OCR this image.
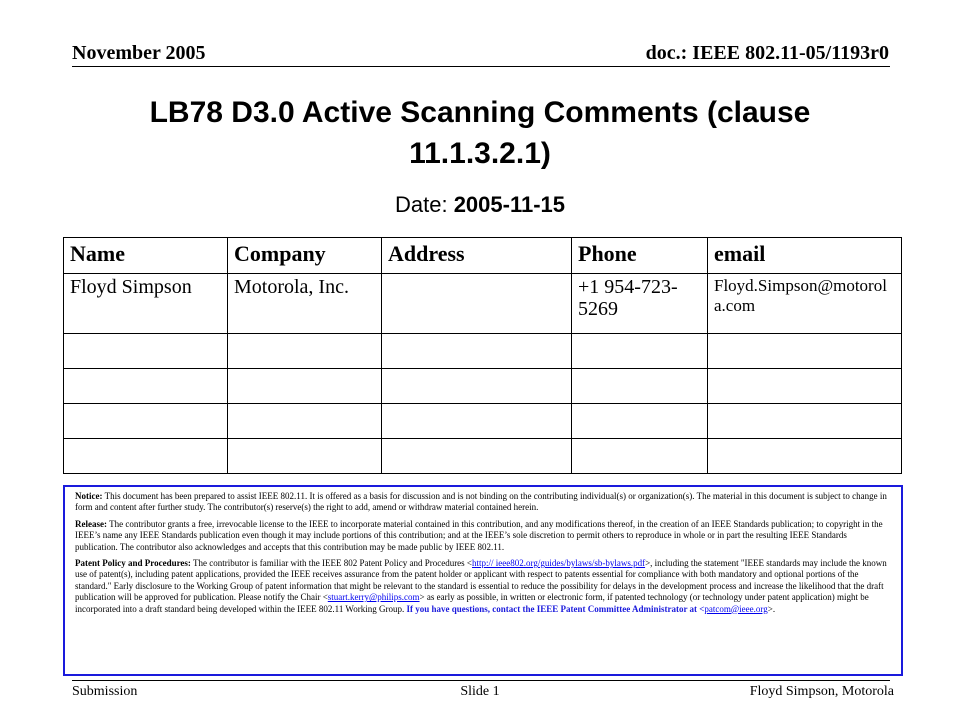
November 2005	doc.: IEEE 802.11-05/1193r0
LB78 D3.0 Active Scanning Comments (clause 11.1.3.2.1)
Date: 2005-11-15
Name	Company	Address	Phone	email
Floyd Simpson	Motorola, Inc.		+1 954-723-5269	Floyd.Simpson@motorola.com

Notice: This document has been prepared to assist IEEE 802.11. It is offered as a basis for discussion and is not binding on the contributing individual(s) or organization(s). The material in this document is subject to change in form and content after further study. The contributor(s) reserve(s) the right to add, amend or withdraw material contained herein.

Release: The contributor grants a free, irrevocable license to the IEEE to incorporate material contained in this contribution, and any modifications thereof, in the creation of an IEEE Standards publication; to copyright in the IEEE’s name any IEEE Standards publication even though it may include portions of this contribution; and at the IEEE’s sole discretion to permit others to reproduce in whole or in part the resulting IEEE Standards publication. The contributor also acknowledges and accepts that this contribution may be made public by IEEE 802.11.

Patent Policy and Procedures: The contributor is familiar with the IEEE 802 Patent Policy and Procedures <http:// ieee802.org/guides/bylaws/sb-bylaws.pdf>, including the statement "IEEE standards may include the known use of patent(s), including patent applications, provided the IEEE receives assurance from the patent holder or applicant with respect to patents essential for compliance with both mandatory and optional portions of the standard." Early disclosure to the Working Group of patent information that might be relevant to the standard is essential to reduce the possibility for delays in the development process and increase the likelihood that the draft publication will be approved for publication. Please notify the Chair <stuart.kerry@philips.com> as early as possible, in written or electronic form, if patented technology (or technology under patent application) might be incorporated into a draft standard being developed within the IEEE 802.11 Working Group. If you have questions, contact the IEEE Patent Committee Administrator at <patcom@ieee.org>.

Submission	Slide 1	Floyd Simpson, Motorola
